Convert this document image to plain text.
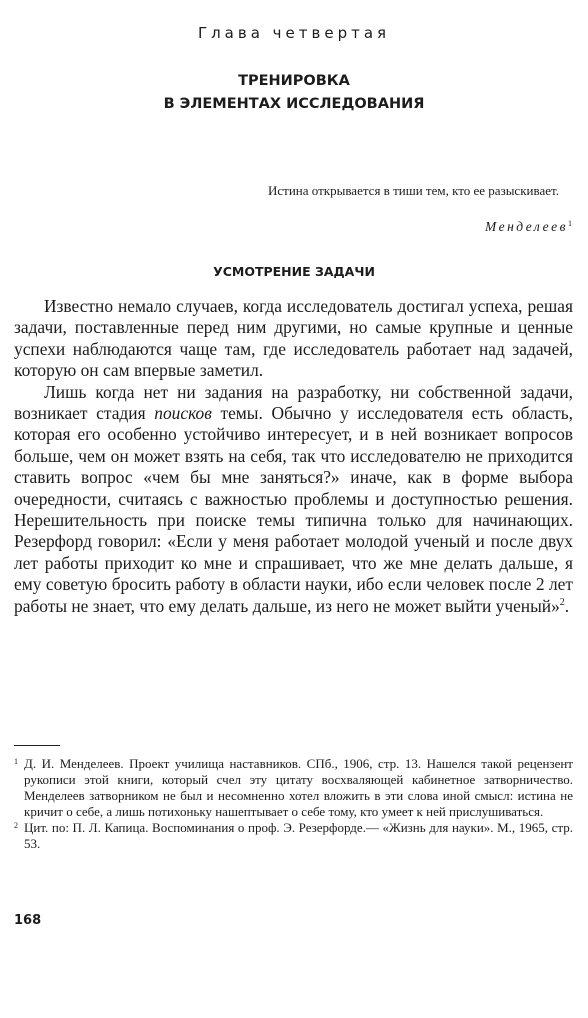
Глава четвертая
ТРЕНИРОВКА
В ЭЛЕМЕНТАХ ИССЛЕДОВАНИЯ
Истина открывается в тиши тем, кто ее разыскивает.
Менделеев$^1$
УСМОТРЕНИЕ ЗАДАЧИ

Известно немало случаев, когда исследователь достигал успеха, решая задачи, поставленные перед ним другими, но самые крупные и ценные успехи наблюдаются чаще там, где исследователь работает над задачей, которую он сам впервые заметил.

Лишь когда нет ни задания на разработку, ни собственной задачи, возникает стадия поисков темы. Обычно у исследователя есть область, которая его особенно устойчиво интересует, и в ней возникает вопросов больше, чем он может взять на себя, так что исследователю не приходится ставить вопрос «чем бы мне заняться?» иначе, как в форме выбора очередности, считаясь с важностью проблемы и доступностью решения. Нерешительность при поиске темы типична только для начинающих. Резерфорд говорил: «Если у меня работает молодой ученый и после двух лет работы приходит ко мне и спрашивает, что же мне делать дальше, я ему советую бросить работу в области науки, ибо если человек после 2 лет работы не знает, что ему делать дальше, из него не может выйти ученый»$^2$.

1 Д. И. Менделеев. Проект училища наставников. СПб., 1906, стр. 13. Нашелся такой рецензент рукописи этой книги, который счел эту цитату восхваляющей кабинетное затворничество. Менделеев затворником не был и несомненно хотел вложить в эти слова иной смысл: истина не кричит о себе, а лишь потихоньку нашептывает о себе тому, кто умеет к ней прислушиваться.

2 Цит. по: П. Л. Капица. Воспоминания о проф. Э. Резерфорде.— «Жизнь для науки». М., 1965, стр. 53.

168
